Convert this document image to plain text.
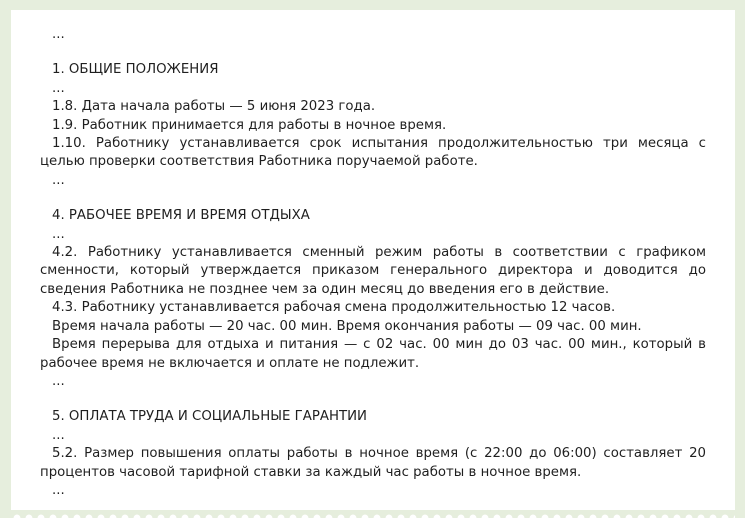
...

1. ОБЩИЕ ПОЛОЖЕНИЯ

...

1.8. Дата начала работы — 5 июня 2023 года.

1.9. Работник принимается для работы в ночное время.

1.10. Работнику устанавливается срок испытания продолжительностью три месяца с целью проверки соответствия Работника поручаемой работе.

...

4. РАБОЧЕЕ ВРЕМЯ И ВРЕМЯ ОТДЫХА

...

4.2. Работнику устанавливается сменный режим работы в соответствии с графиком сменности, который утверждается приказом генерального директора и доводится до сведения Работника не позднее чем за один месяц до введения его в действие.

4.3. Работнику устанавливается рабочая смена продолжительностью 12 часов.

Время начала работы — 20 час. 00 мин. Время окончания работы — 09 час. 00 мин.

Время перерыва для отдыха и питания — с 02 час. 00 мин до 03 час. 00 мин., который в рабочее время не включается и оплате не подлежит.

...

5. ОПЛАТА ТРУДА И СОЦИАЛЬНЫЕ ГАРАНТИИ

...

5.2. Размер повышения оплаты работы в ночное время (с 22:00 до 06:00) составляет 20 процентов часовой тарифной ставки за каждый час работы в ночное время.

...
